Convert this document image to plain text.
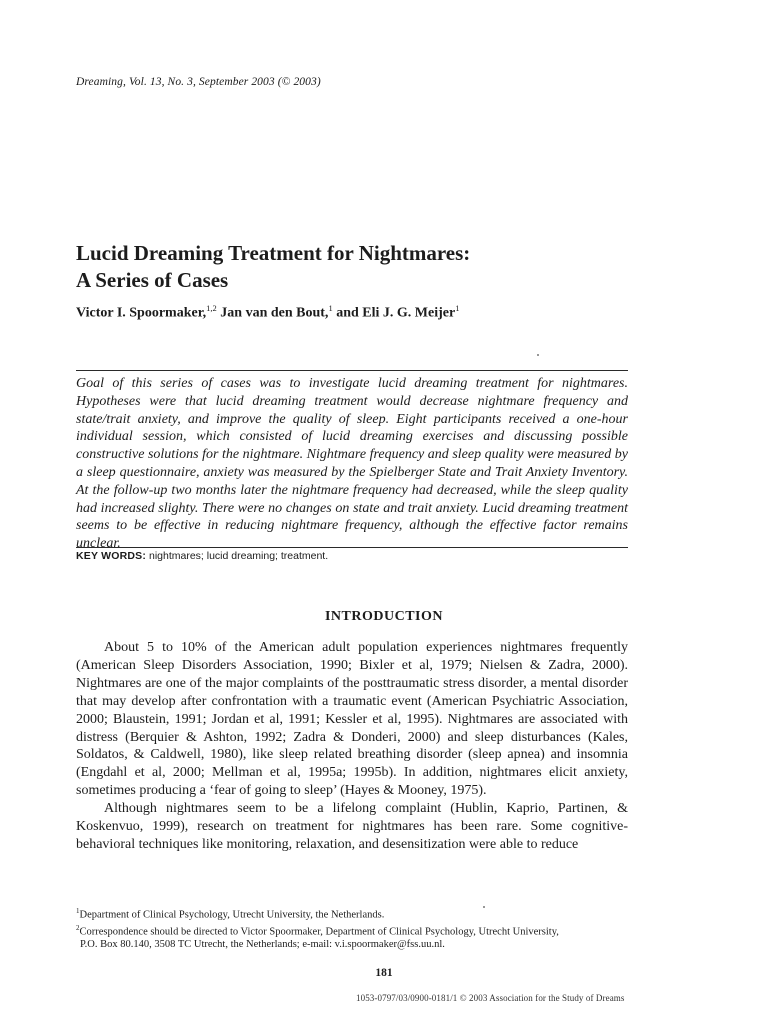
Dreaming, Vol. 13, No. 3, September 2003 (© 2003)
Lucid Dreaming Treatment for Nightmares:
A Series of Cases
Victor I. Spoormaker,$^{1,2}$ Jan van den Bout,$^1$ and Eli J. G. Meijer$^1$
Goal of this series of cases was to investigate lucid dreaming treatment for nightmares. Hypotheses were that lucid dreaming treatment would decrease nightmare frequency and state/trait anxiety, and improve the quality of sleep. Eight participants received a one-hour individual session, which consisted of lucid dreaming exercises and discussing possible constructive solutions for the nightmare. Nightmare frequency and sleep quality were measured by a sleep questionnaire, anxiety was measured by the Spielberger State and Trait Anxiety Inventory. At the follow-up two months later the nightmare frequency had decreased, while the sleep quality had increased slighty. There were no changes on state and trait anxiety. Lucid dreaming treatment seems to be effective in reducing nightmare frequency, although the effective factor remains unclear.
KEY WORDS: nightmares; lucid dreaming; treatment.
INTRODUCTION

About 5 to 10% of the American adult population experiences nightmares frequently (American Sleep Disorders Association, 1990; Bixler et al, 1979; Nielsen & Zadra, 2000). Nightmares are one of the major complaints of the posttraumatic stress disorder, a mental disorder that may develop after confrontation with a traumatic event (American Psychiatric Association, 2000; Blaustein, 1991; Jordan et al, 1991; Kessler et al, 1995). Nightmares are associated with distress (Berquier & Ashton, 1992; Zadra & Donderi, 2000) and sleep disturbances (Kales, Soldatos, & Caldwell, 1980), like sleep related breathing disorder (sleep apnea) and insomnia (Engdahl et al, 2000; Mellman et al, 1995a; 1995b). In addition, nightmares elicit anxiety, sometimes producing a ‘fear of going to sleep’ (Hayes & Mooney, 1975).

Although nightmares seem to be a lifelong complaint (Hublin, Kaprio, Partinen, & Koskenvuo, 1999), research on treatment for nightmares has been rare. Some cognitive-behavioral techniques like monitoring, relaxation, and desensitization were able to reduce

$^1$Department of Clinical Psychology, Utrecht University, the Netherlands.

$^2$Correspondence should be directed to Victor Spoormaker, Department of Clinical Psychology, Utrecht University,

P.O. Box 80.140, 3508 TC Utrecht, the Netherlands; e-mail: v.i.spoormaker@fss.uu.nl.

181
1053-0797/03/0900-0181/1 © 2003 Association for the Study of Dreams
